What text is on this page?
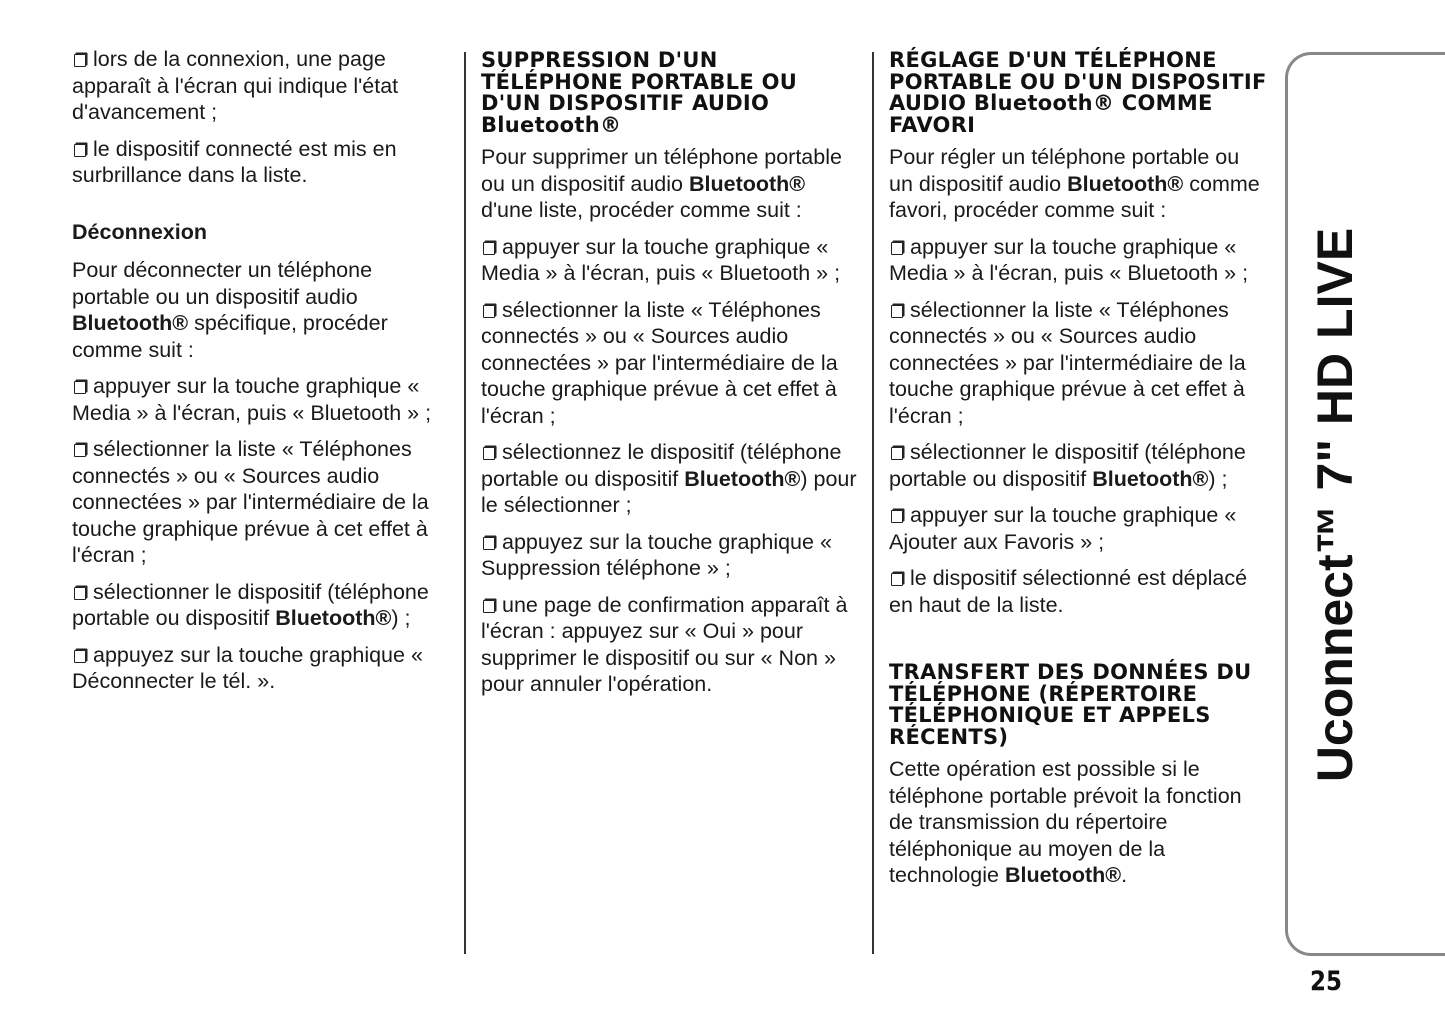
lors de la connexion, une page apparaît à l'écran qui indique l'état d'avancement ;

le dispositif connecté est mis en surbrillance dans la liste.

Déconnexion

Pour déconnecter un téléphone portable ou un dispositif audio Bluetooth® spécifique, procéder comme suit :

appuyer sur la touche graphique « Media » à l'écran, puis « Bluetooth » ;

sélectionner la liste « Téléphones connectés » ou « Sources audio connectées » par l'intermédiaire de la touche graphique prévue à cet effet à l'écran ;

sélectionner le dispositif (téléphone portable ou dispositif Bluetooth®) ;

appuyez sur la touche graphique « Déconnecter le tél. ».

SUPPRESSION D'UN TÉLÉPHONE PORTABLE OU D'UN DISPOSITIF AUDIO Bluetooth®

Pour supprimer un téléphone portable ou un dispositif audio Bluetooth® d'une liste, procéder comme suit :

appuyer sur la touche graphique « Media » à l'écran, puis « Bluetooth » ;

sélectionner la liste « Téléphones connectés » ou « Sources audio connectées » par l'intermédiaire de la touche graphique prévue à cet effet à l'écran ;

sélectionnez le dispositif (téléphone portable ou dispositif Bluetooth®) pour le sélectionner ;

appuyez sur la touche graphique « Suppression téléphone » ;

une page de confirmation apparaît à l'écran : appuyez sur « Oui » pour supprimer le dispositif ou sur « Non » pour annuler l'opération.

RÉGLAGE D'UN TÉLÉPHONE PORTABLE OU D'UN DISPOSITIF AUDIO Bluetooth® COMME FAVORI

Pour régler un téléphone portable ou un dispositif audio Bluetooth® comme favori, procéder comme suit :

appuyer sur la touche graphique « Media » à l'écran, puis « Bluetooth » ;

sélectionner la liste « Téléphones connectés » ou « Sources audio connectées » par l'intermédiaire de la touche graphique prévue à cet effet à l'écran ;

sélectionner le dispositif (téléphone portable ou dispositif Bluetooth®) ;

appuyer sur la touche graphique « Ajouter aux Favoris » ;

le dispositif sélectionné est déplacé en haut de la liste.

TRANSFERT DES DONNÉES DU TÉLÉPHONE (RÉPERTOIRE TÉLÉPHONIQUE ET APPELS RÉCENTS)

Cette opération est possible si le téléphone portable prévoit la fonction de transmission du répertoire téléphonique au moyen de la technologie Bluetooth®.

Uconnect™ 7" HD LIVE
25
